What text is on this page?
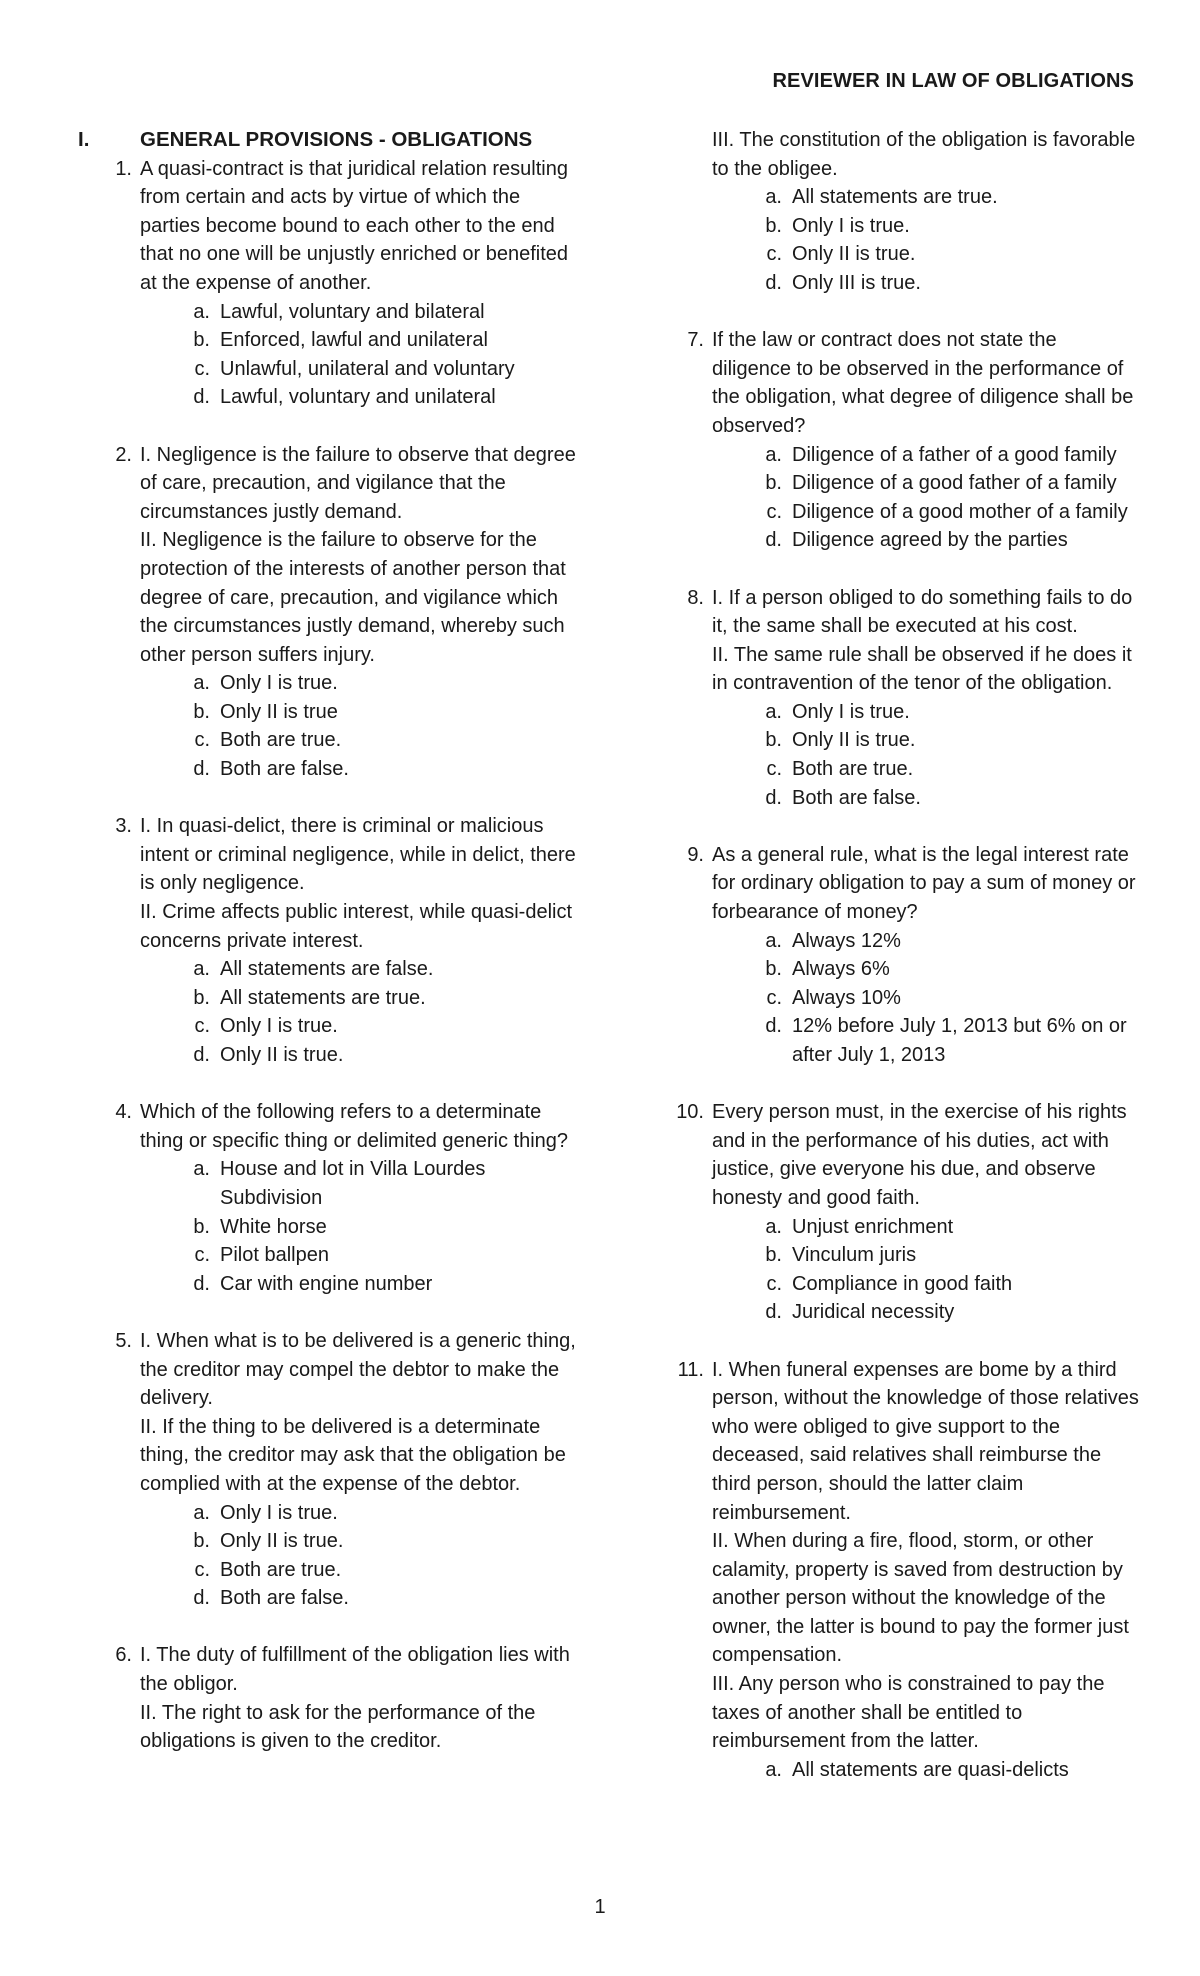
REVIEWER IN LAW OF OBLIGATIONS
I.	GENERAL PROVISIONS - OBLIGATIONS
1. A quasi-contract is that juridical relation resulting from certain and acts by virtue of which the parties become bound to each other to the end that no one will be unjustly enriched or benefited at the expense of another.
a. Lawful, voluntary and bilateral
b. Enforced, lawful and unilateral
c. Unlawful, unilateral and voluntary
d. Lawful, voluntary and unilateral
2. I. Negligence is the failure to observe that degree of care, precaution, and vigilance that the circumstances justly demand.
II. Negligence is the failure to observe for the protection of the interests of another person that degree of care, precaution, and vigilance which the circumstances justly demand, whereby such other person suffers injury.
a. Only I is true.
b. Only II is true
c. Both are true.
d. Both are false.
3. I. In quasi-delict, there is criminal or malicious intent or criminal negligence, while in delict, there is only negligence.
II. Crime affects public interest, while quasi-delict concerns private interest.
a. All statements are false.
b. All statements are true.
c. Only I is true.
d. Only II is true.
4. Which of the following refers to a determinate thing or specific thing or delimited generic thing?
a. House and lot in Villa Lourdes Subdivision
b. White horse
c. Pilot ballpen
d. Car with engine number
5. I. When what is to be delivered is a generic thing, the creditor may compel the debtor to make the delivery.
II. If the thing to be delivered is a determinate thing, the creditor may ask that the obligation be complied with at the expense of the debtor.
a. Only I is true.
b. Only II is true.
c. Both are true.
d. Both are false.
6. I. The duty of fulfillment of the obligation lies with the obligor.
II. The right to ask for the performance of the obligations is given to the creditor.
III. The constitution of the obligation is favorable to the obligee.
a. All statements are true.
b. Only I is true.
c. Only II is true.
d. Only III is true.
7. If the law or contract does not state the diligence to be observed in the performance of the obligation, what degree of diligence shall be observed?
a. Diligence of a father of a good family
b. Diligence of a good father of a family
c. Diligence of a good mother of a family
d. Diligence agreed by the parties
8. I. If a person obliged to do something fails to do it, the same shall be executed at his cost.
II. The same rule shall be observed if he does it in contravention of the tenor of the obligation.
a. Only I is true.
b. Only II is true.
c. Both are true.
d. Both are false.
9. As a general rule, what is the legal interest rate for ordinary obligation to pay a sum of money or forbearance of money?
a. Always 12%
b. Always 6%
c. Always 10%
d. 12% before July 1, 2013 but 6% on or after July 1, 2013
10. Every person must, in the exercise of his rights and in the performance of his duties, act with justice, give everyone his due, and observe honesty and good faith.
a. Unjust enrichment
b. Vinculum juris
c. Compliance in good faith
d. Juridical necessity
11. I. When funeral expenses are bome by a third person, without the knowledge of those relatives who were obliged to give support to the deceased, said relatives shall reimburse the third person, should the latter claim reimbursement.
II. When during a fire, flood, storm, or other calamity, property is saved from destruction by another person without the knowledge of the owner, the latter is bound to pay the former just compensation.
III. Any person who is constrained to pay the taxes of another shall be entitled to reimbursement from the latter.
a. All statements are quasi-delicts
1
